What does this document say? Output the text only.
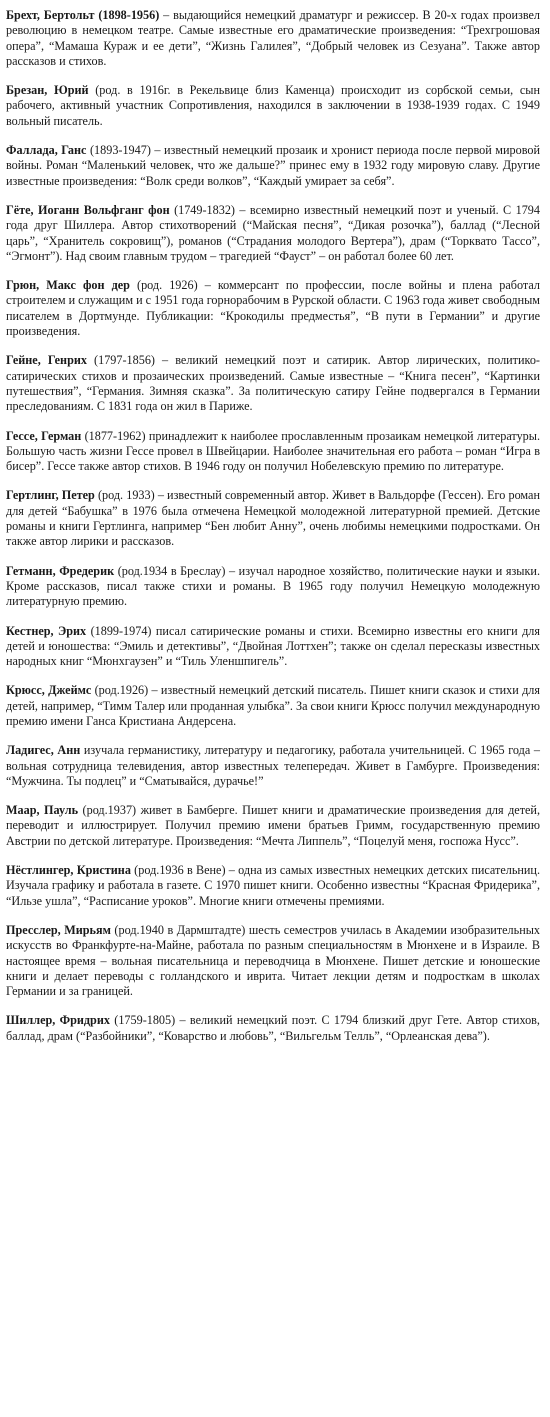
Брехт, Бертольт (1898-1956) – выдающийся немецкий драматург и режиссер. В 20-х годах произвел революцию в немецком театре. Самые известные его драматические произведения: “Трехгрошовая опера”, “Мамаша Кураж и ее дети”, “Жизнь Галилея”, “Добрый человек из Сезуана”. Также автор рассказов и стихов.

Брезан, Юрий (род. в 1916г. в Рекельвице близ Каменца) происходит из сорбской семьи, сын рабочего, активный участник Сопротивления, находился в заключении в 1938-1939 годах. С 1949 вольный писатель.

Фаллада, Ганс (1893-1947) – известный немецкий прозаик и хронист периода после первой мировой войны. Роман “Маленький человек, что же дальше?” принес ему в 1932 году мировую славу. Другие известные произведения: “Волк среди волков”, “Каждый умирает за себя”.

Гёте, Иоганн Вольфганг фон (1749-1832) – всемирно известный немецкий поэт и ученый. С 1794 года друг Шиллера. Автор стихотворений (“Майская песня”, “Дикая розочка”), баллад (“Лесной царь”, “Хранитель сокровищ”), романов (“Страдания молодого Вертера”), драм (“Торквато Тассо”, “Эгмонт”). Над своим главным трудом – трагедией “Фауст” – он работал более 60 лет.

Грюн, Макс фон дер (род. 1926) – коммерсант по профессии, после войны и плена работал строителем и служащим и с 1951 года горнорабочим в Рурской области. С 1963 года живет свободным писателем в Дортмунде. Публикации: “Крокодилы предместья”, “В пути в Германии” и другие произведения.

Гейне, Генрих (1797-1856) – великий немецкий поэт и сатирик. Автор лирических, политико-сатирических стихов и прозаических произведений. Самые известные – “Книга песен”, “Картинки путешествия”, “Германия. Зимняя сказка”. За политическую сатиру Гейне подвергался в Германии преследованиям. С 1831 года он жил в Париже.

Гессе, Герман (1877-1962) принадлежит к наиболее прославленным прозаикам немецкой литературы. Большую часть жизни Гессе провел в Швейцарии. Наиболее значительная его работа – роман “Игра в бисер”. Гессе также автор стихов. В 1946 году он получил Нобелевскую премию по литературе.

Гертлинг, Петер (род. 1933) – известный современный автор. Живет в Вальдорфе (Гессен). Его роман для детей “Бабушка” в 1976 была отмечена Немецкой молодежной литературной премией. Детские романы и книги Гертлинга, например “Бен любит Анну”, очень любимы немецкими подростками. Он также автор лирики и рассказов.

Гетманн, Фредерик (род.1934 в Бреслау) – изучал народное хозяйство, политические науки и языки. Кроме рассказов, писал также стихи и романы. В 1965 году получил Немецкую молодежную литературную премию.

Кестнер, Эрих (1899-1974) писал сатирические романы и стихи. Всемирно известны его книги для детей и юношества: “Эмиль и детективы”, “Двойная Лоттхен”; также он сделал пересказы известных народных книг “Мюнхгаузен” и “Тиль Уленшпигель”.

Крюсс, Джеймс (род.1926) – известный немецкий детский писатель. Пишет книги сказок и стихи для детей, например, “Тимм Талер или проданная улыбка”. За свои книги Крюсс получил международную премию имени Ганса Кристиана Андерсена.

Ладигес, Анн изучала германистику, литературу и педагогику, работала учительницей. С 1965 года – вольная сотрудница телевидения, автор известных телепередач. Живет в Гамбурге. Произведения: “Мужчина. Ты подлец” и “Сматывайся, дурачье!”

Маар, Пауль (род.1937) живет в Бамберге. Пишет книги и драматические произведения для детей, переводит и иллюстрирует. Получил премию имени братьев Гримм, государственную премию Австрии по детской литературе. Произведения: “Мечта Липпель”, “Поцелуй меня, госпожа Нусс”.

Нёстлингер, Кристина (род.1936 в Вене) – одна из самых известных немецких детских писательниц. Изучала графику и работала в газете. С 1970 пишет книги. Особенно известны “Красная Фридерика”, “Ильзе ушла”, “Расписание уроков”. Многие книги отмечены премиями.

Пресслер, Мирьям (род.1940 в Дармштадте) шесть семестров училась в Академии изобразительных искусств во Франкфурте-на-Майне, работала по разным специальностям в Мюнхене и в Израиле. В настоящее время – вольная писательница и переводчица в Мюнхене. Пишет детские и юношеские книги и делает переводы с голландского и иврита. Читает лекции детям и подросткам в школах Германии и за границей.

Шиллер, Фридрих (1759-1805) – великий немецкий поэт. С 1794 близкий друг Гете. Автор стихов, баллад, драм (“Разбойники”, “Коварство и любовь”, “Вильгельм Телль”, “Орлеанская дева”).
